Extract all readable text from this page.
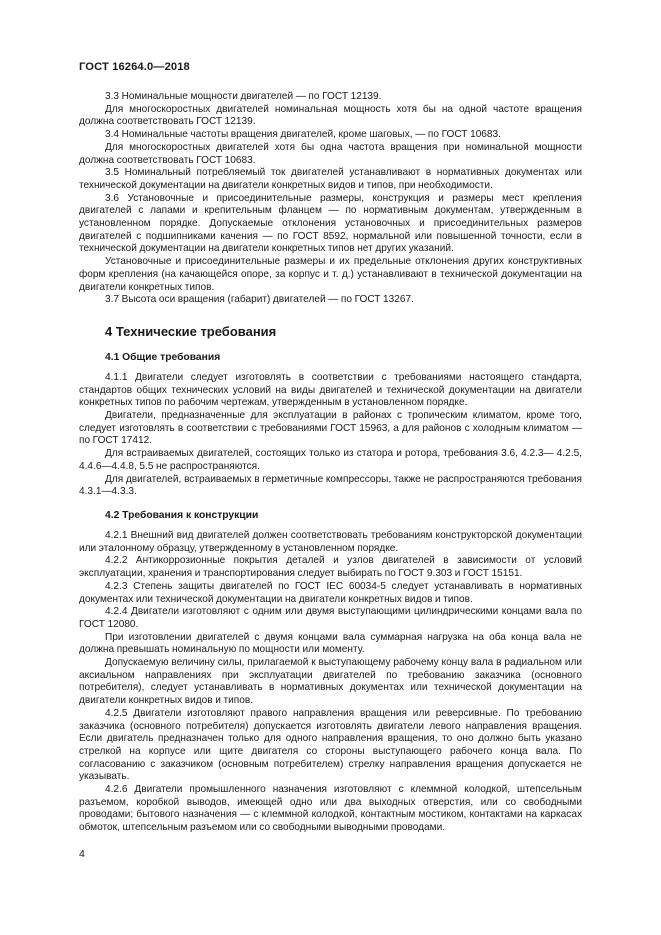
ГОСТ 16264.0—2018

3.3 Номинальные мощности двигателей — по ГОСТ 12139.

Для многоскоростных двигателей номинальная мощность хотя бы на одной частоте вращения должна соответствовать ГОСТ 12139.

3.4 Номинальные частоты вращения двигателей, кроме шаговых, — по ГОСТ 10683.

Для многоскоростных двигателей хотя бы одна частота вращения при номинальной мощности должна соответствовать ГОСТ 10683.

3.5 Номинальный потребляемый ток двигателей устанавливают в нормативных документах или технической документации на двигатели конкретных видов и типов, при необходимости.

3.6 Установочные и присоединительные размеры, конструкция и размеры мест крепления двигателей с лапами и крепительным фланцем — по нормативным документам, утвержденным в установленном порядке. Допускаемые отклонения установочных и присоединительных размеров двигателей с подшипниками качения — по ГОСТ 8592, нормальной или повышенной точности, если в технической документации на двигатели конкретных типов нет других указаний.

Установочные и присоединительные размеры и их предельные отклонения других конструктивных форм крепления (на качающейся опоре, за корпус и т. д.) устанавливают в технической документации на двигатели конкретных типов.

3.7 Высота оси вращения (габарит) двигателей — по ГОСТ 13267.

4 Технические требования
4.1 Общие требования

4.1.1 Двигатели следует изготовлять в соответствии с требованиями настоящего стандарта, стандартов общих технических условий на виды двигателей и технической документации на двигатели конкретных типов по рабочим чертежам, утвержденным в установленном порядке.

Двигатели, предназначенные для эксплуатации в районах с тропическим климатом, кроме того, следует изготовлять в соответствии с требованиями ГОСТ 15963, а для районов с холодным климатом — по ГОСТ 17412.

Для встраиваемых двигателей, состоящих только из статора и ротора, требования 3.6, 4.2.3— 4.2.5, 4.4.6—4.4.8, 5.5 не распространяются.

Для двигателей, встраиваемых в герметичные компрессоры, также не распространяются требования 4.3.1—4.3.3.

4.2 Требования к конструкции

4.2.1 Внешний вид двигателей должен соответствовать требованиям конструкторской документации или эталонному образцу, утвержденному в установленном порядке.

4.2.2 Антикоррозионные покрытия деталей и узлов двигателей в зависимости от условий эксплуатации, хранения и транспортирования следует выбирать по ГОСТ 9.303 и ГОСТ 15151.

4.2.3 Степень защиты двигателей по ГОСТ IEC 60034-5 следует устанавливать в нормативных документах или технической документации на двигатели конкретных видов и типов.

4.2.4 Двигатели изготовляют с одним или двумя выступающими цилиндрическими концами вала по ГОСТ 12080.

При изготовлении двигателей с двумя концами вала суммарная нагрузка на оба конца вала не должна превышать номинальную по мощности или моменту.

Допускаемую величину силы, прилагаемой к выступающему рабочему концу вала в радиальном или аксиальном направлениях при эксплуатации двигателей по требованию заказчика (основного потребителя), следует устанавливать в нормативных документах или технической документации на двигатели конкретных видов и типов.

4.2.5 Двигатели изготовляют правого направления вращения или реверсивные. По требованию заказчика (основного потребителя) допускается изготовлять двигатели левого направления вращения. Если двигатель предназначен только для одного направления вращения, то оно должно быть указано стрелкой на корпусе или щите двигателя со стороны выступающего рабочего конца вала. По согласованию с заказчиком (основным потребителем) стрелку направления вращения допускается не указывать.

4.2.6 Двигатели промышленного назначения изготовляют с клеммной колодкой, штепсельным разъемом, коробкой выводов, имеющей одно или два выходных отверстия, или со свободными проводами; бытового назначения — с клеммной колодкой, контактным мостиком, контактами на каркасах обмоток, штепсельным разъемом или со свободными выводными проводами.

4
